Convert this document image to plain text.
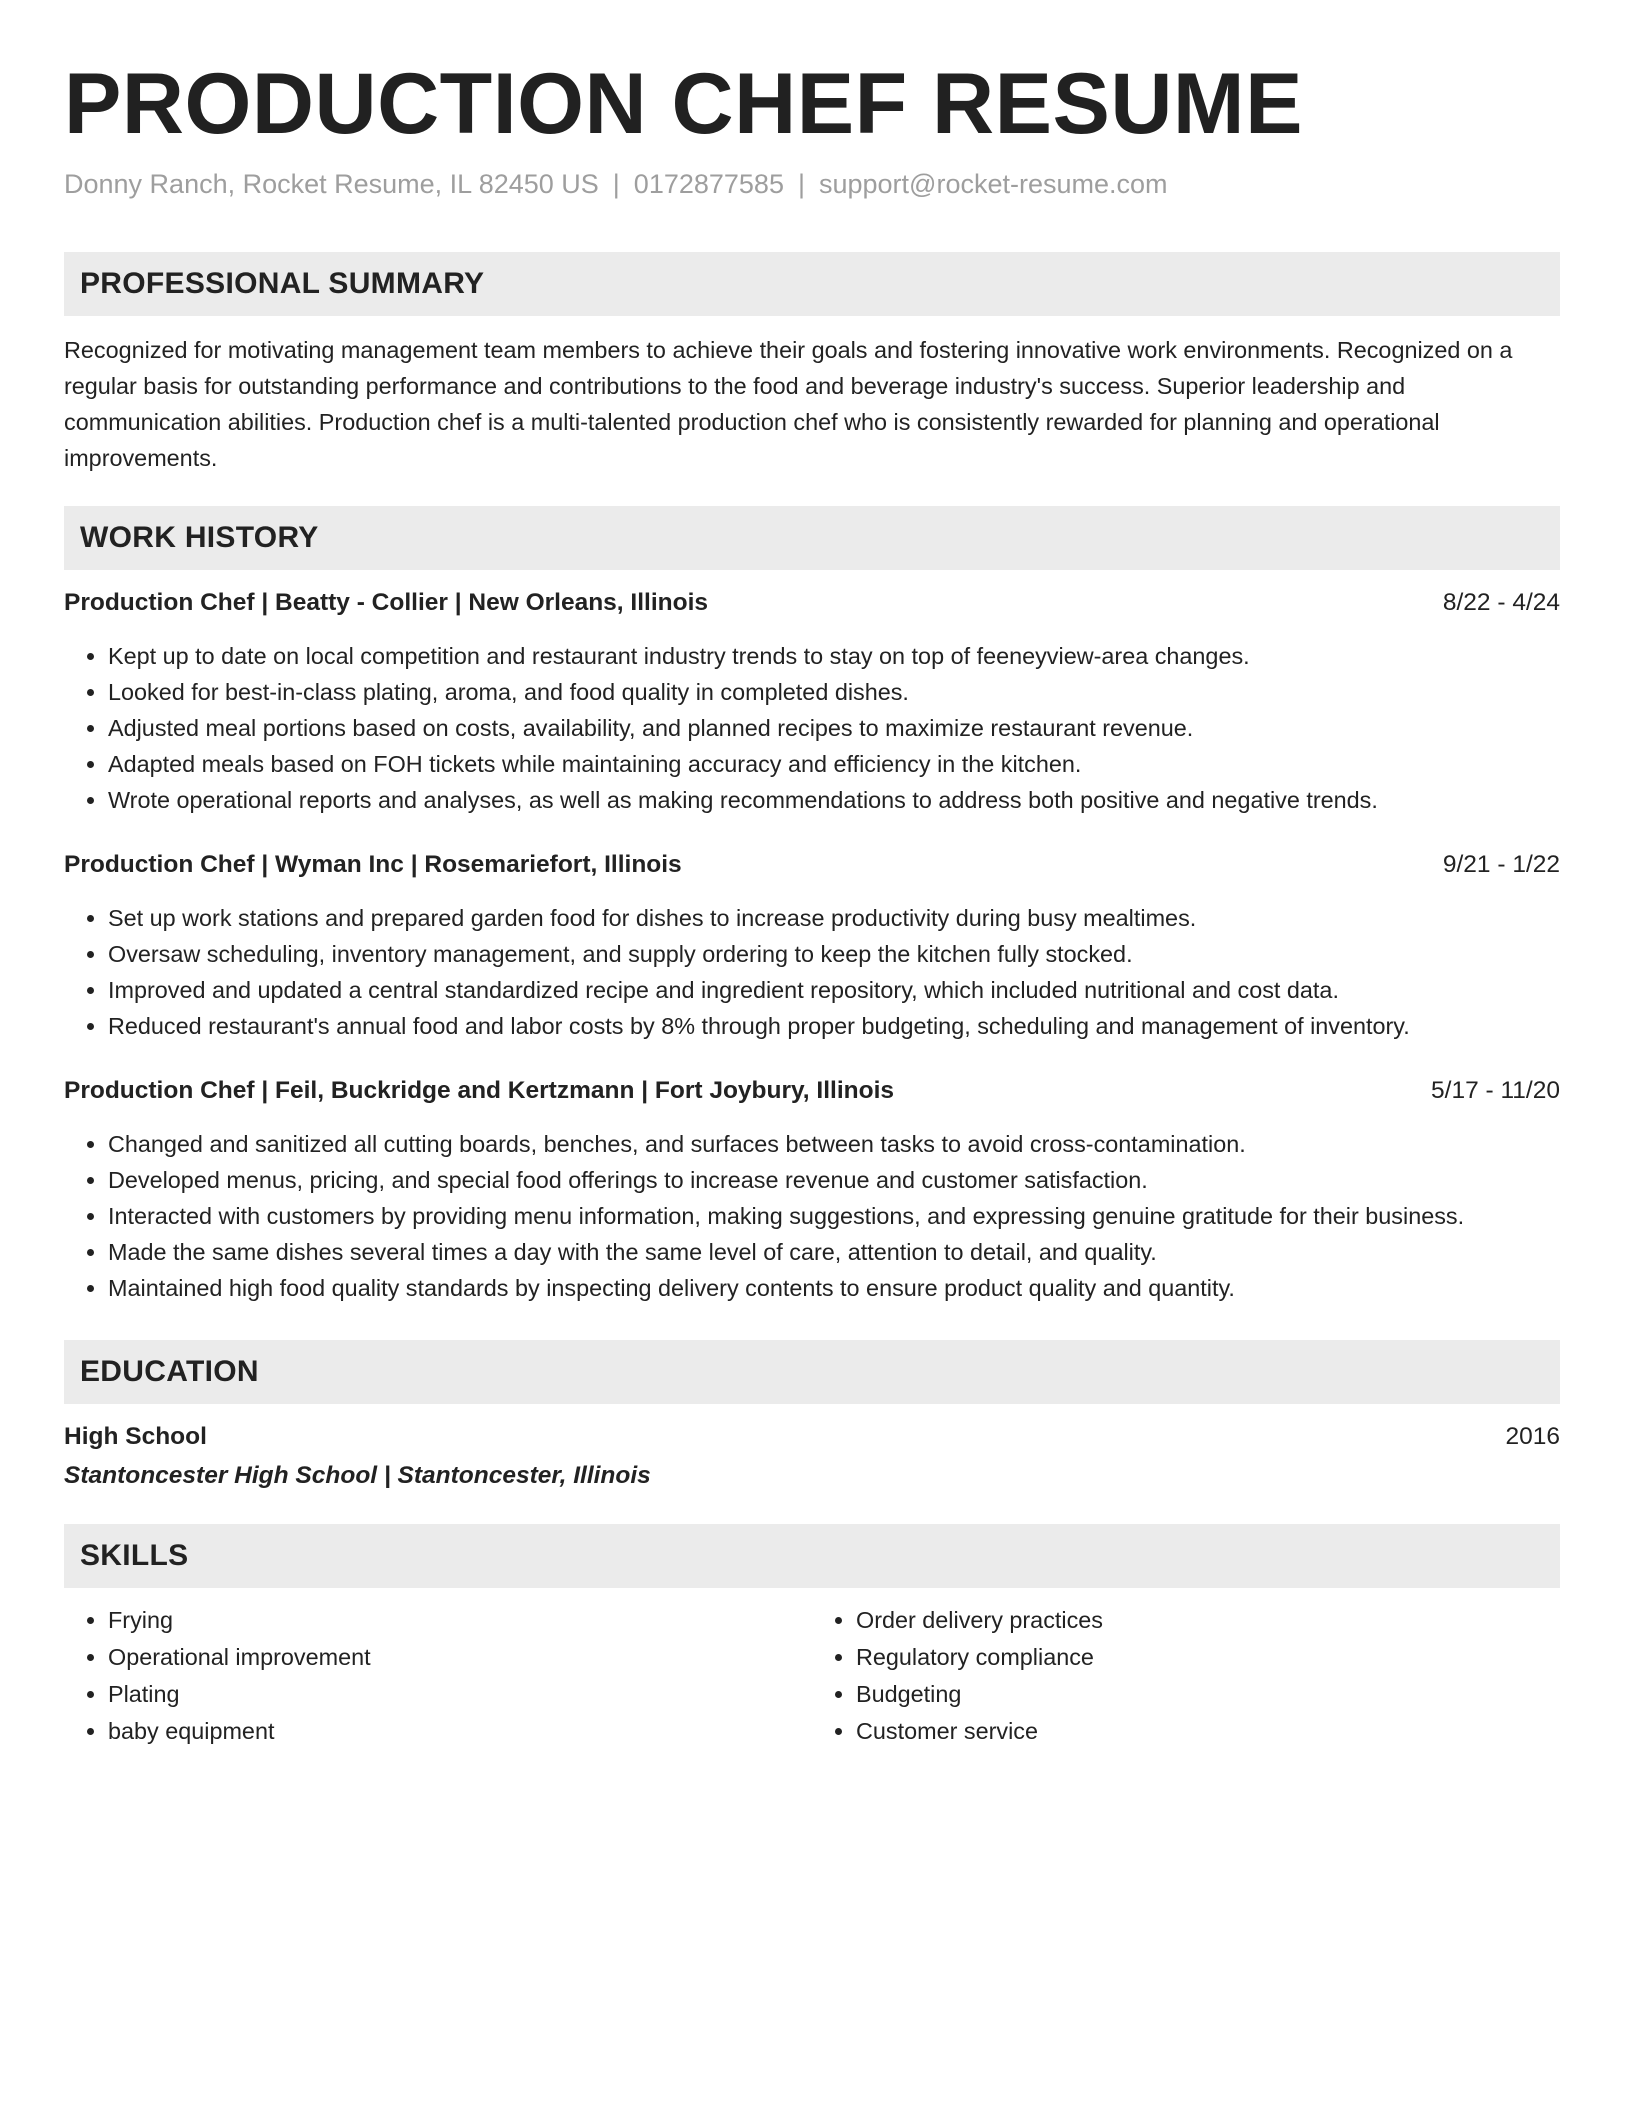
PRODUCTION CHEF RESUME
Donny Ranch, Rocket Resume, IL 82450 US | 0172877585 | support@rocket-resume.com
PROFESSIONAL SUMMARY

Recognized for motivating management team members to achieve their goals and fostering innovative work environments. Recognized on a regular basis for outstanding performance and contributions to the food and beverage industry's success. Superior leadership and communication abilities. Production chef is a multi-talented production chef who is consistently rewarded for planning and operational improvements.

WORK HISTORY
Production Chef | Beatty - Collier | New Orleans, Illinois	8/22 - 4/24
• Kept up to date on local competition and restaurant industry trends to stay on top of feeneyview-area changes.
• Looked for best-in-class plating, aroma, and food quality in completed dishes.
• Adjusted meal portions based on costs, availability, and planned recipes to maximize restaurant revenue.
• Adapted meals based on FOH tickets while maintaining accuracy and efficiency in the kitchen.
• Wrote operational reports and analyses, as well as making recommendations to address both positive and negative trends.
Production Chef | Wyman Inc | Rosemariefort, Illinois	9/21 - 1/22
• Set up work stations and prepared garden food for dishes to increase productivity during busy mealtimes.
• Oversaw scheduling, inventory management, and supply ordering to keep the kitchen fully stocked.
• Improved and updated a central standardized recipe and ingredient repository, which included nutritional and cost data.
• Reduced restaurant's annual food and labor costs by 8% through proper budgeting, scheduling and management of inventory.
Production Chef | Feil, Buckridge and Kertzmann | Fort Joybury, Illinois	5/17 - 11/20
• Changed and sanitized all cutting boards, benches, and surfaces between tasks to avoid cross-contamination.
• Developed menus, pricing, and special food offerings to increase revenue and customer satisfaction.
• Interacted with customers by providing menu information, making suggestions, and expressing genuine gratitude for their business.
• Made the same dishes several times a day with the same level of care, attention to detail, and quality.
• Maintained high food quality standards by inspecting delivery contents to ensure product quality and quantity.
EDUCATION
High School	2016
Stantoncester High School | Stantoncester, Illinois
SKILLS
• Frying
• Operational improvement
• Plating
• baby equipment
• Order delivery practices
• Regulatory compliance
• Budgeting
• Customer service
